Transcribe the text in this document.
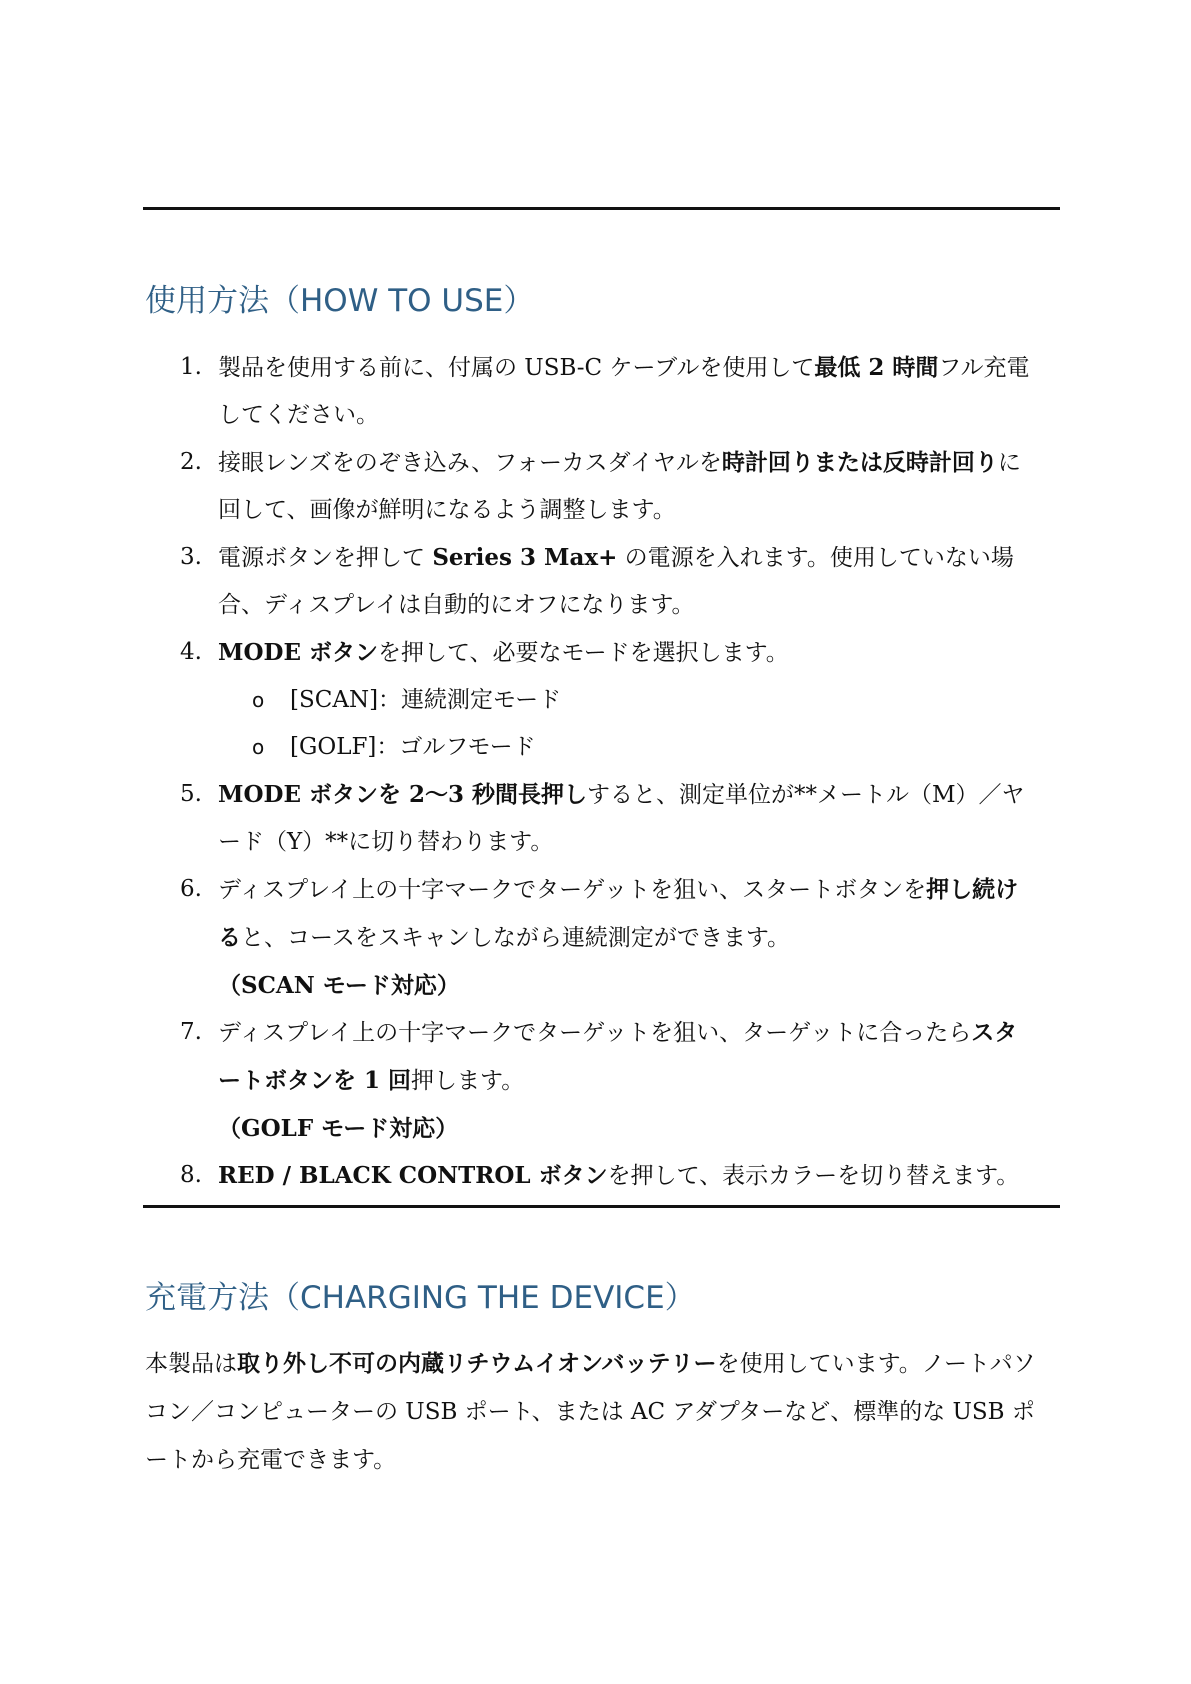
使用方法（HOW TO USE）
1. 製品を使用する前に、付属の USB-C ケーブルを使用して最低 2 時間フル充電してください。
2. 接眼レンズをのぞき込み、フォーカスダイヤルを時計回りまたは反時計回りに回して、画像が鮮明になるよう調整します。
3. 電源ボタンを押して Series 3 Max+ の電源を入れます。使用していない場合、ディスプレイは自動的にオフになります。
4. MODE ボタンを押して、必要なモードを選択します。
o [SCAN]：連続測定モード
o [GOLF]：ゴルフモード
5. MODE ボタンを 2〜3 秒間長押しすると、測定単位が**メートル（M）／ヤード（Y）**に切り替わります。
6. ディスプレイ上の十字マークでターゲットを狙い、スタートボタンを押し続けると、コースをスキャンしながら連続測定ができます。
（SCAN モード対応）
7. ディスプレイ上の十字マークでターゲットを狙い、ターゲットに合ったらスタートボタンを 1 回押します。
（GOLF モード対応）
8. RED / BLACK CONTROL ボタンを押して、表示カラーを切り替えます。
充電方法（CHARGING THE DEVICE）

本製品は取り外し不可の内蔵リチウムイオンバッテリーを使用しています。ノートパソコン／コンピューターの USB ポート、または AC アダプターなど、標準的な USB ポートから充電できます。
